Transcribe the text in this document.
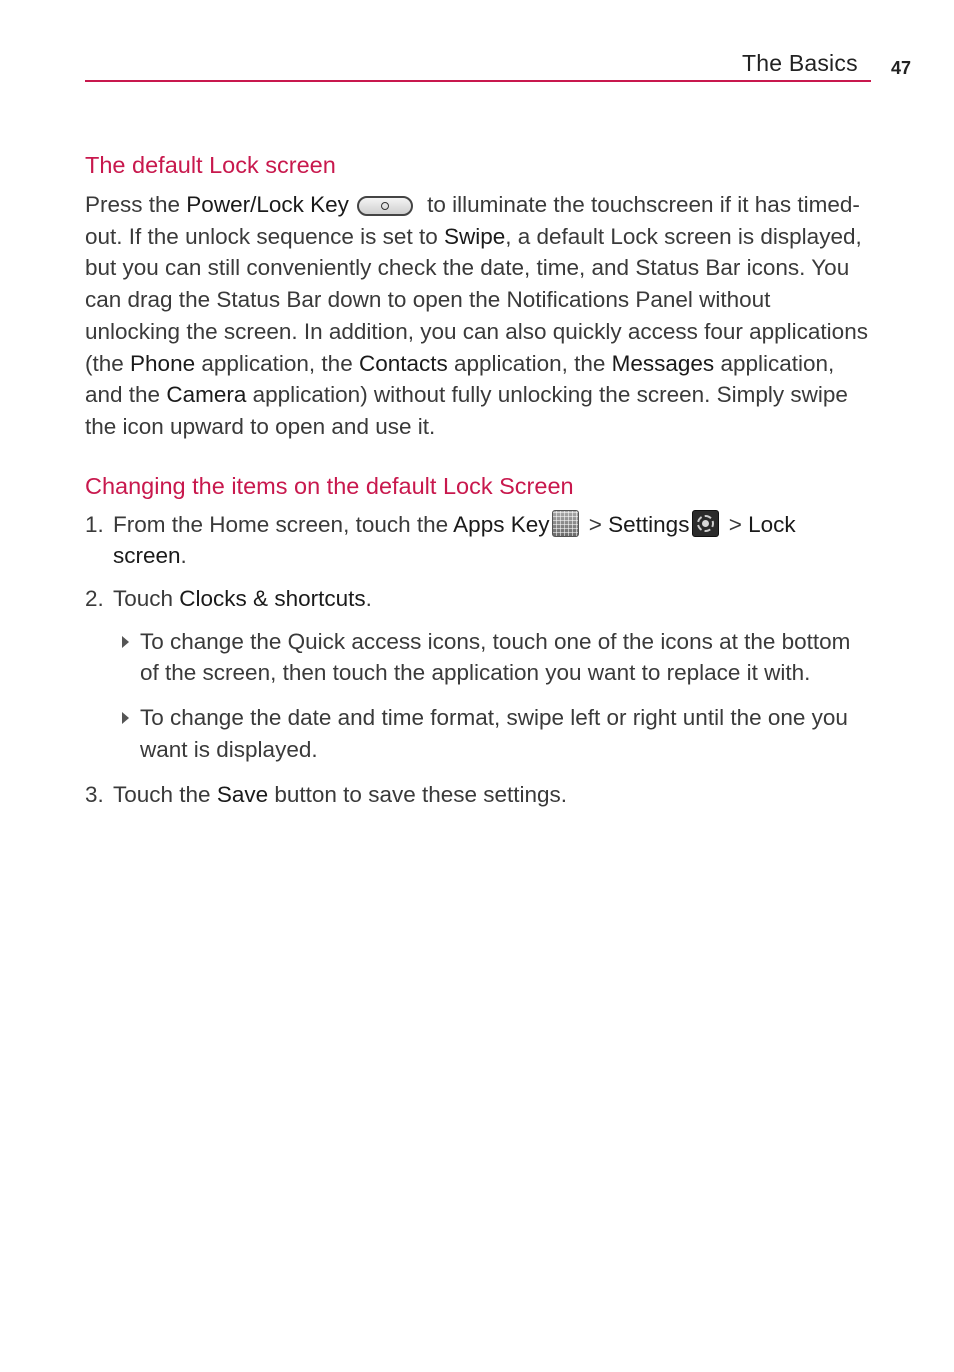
The Basics 47
The default Lock screen

Press the Power/Lock Key	to illuminate the touchscreen if it has timed-out. If the unlock sequence is set to Swipe, a default Lock screen is displayed, but you can still conveniently check the date, time, and Status Bar icons. You can drag the Status Bar down to open the Notifications Panel without unlocking the screen. In addition, you can also quickly access four applications (the Phone application, the Contacts application, the Messages application, and the Camera application) without fully unlocking the screen. Simply swipe the icon upward to open and use it.

Changing the items on the default Lock Screen
1. From the Home screen, touch the Apps Key > Settings > Lock screen.
2. Touch Clocks & shortcuts.
To change the Quick access icons, touch one of the icons at the bottom of the screen, then touch the application you want to replace it with.
To change the date and time format, swipe left or right until the one you want is displayed.
3. Touch the Save button to save these settings.
